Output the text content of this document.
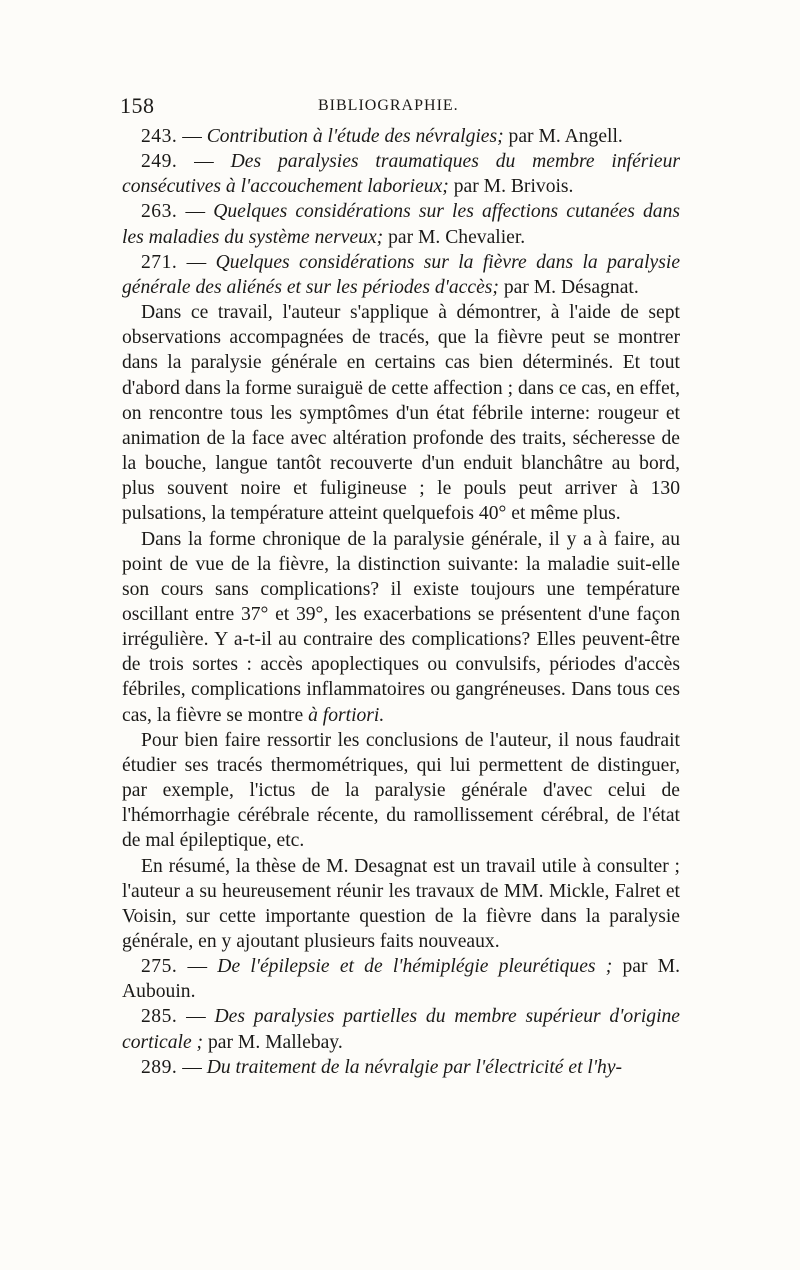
158	BIBLIOGRAPHIE.

243. — Contribution à l'étude des névralgies; par M. Angell.

249. — Des paralysies traumatiques du membre inférieur consécutives à l'accouchement laborieux; par M. Brivois.

263. — Quelques considérations sur les affections cutanées dans les maladies du système nerveux; par M. Chevalier.

271. — Quelques considérations sur la fièvre dans la paralysie générale des aliénés et sur les périodes d'accès; par M. Désagnat.

Dans ce travail, l'auteur s'applique à démontrer, à l'aide de sept observations accompagnées de tracés, que la fièvre peut se montrer dans la paralysie générale en certains cas bien déterminés. Et tout d'abord dans la forme suraiguë de cette affection ; dans ce cas, en effet, on rencontre tous les symptômes d'un état fébrile interne: rougeur et animation de la face avec altération profonde des traits, sécheresse de la bouche, langue tantôt recouverte d'un enduit blanchâtre au bord, plus souvent noire et fuligineuse ; le pouls peut arriver à 130 pulsations, la température atteint quelquefois 40° et même plus.

Dans la forme chronique de la paralysie générale, il y a à faire, au point de vue de la fièvre, la distinction suivante: la maladie suit-elle son cours sans complications? il existe toujours une température oscillant entre 37° et 39°, les exacerbations se présentent d'une façon irrégulière. Y a-t-il au contraire des complications? Elles peuvent-être de trois sortes : accès apoplectiques ou convulsifs, périodes d'accès fébriles, complications inflammatoires ou gangréneuses. Dans tous ces cas, la fièvre se montre à fortiori.

Pour bien faire ressortir les conclusions de l'auteur, il nous faudrait étudier ses tracés thermométriques, qui lui permettent de distinguer, par exemple, l'ictus de la paralysie générale d'avec celui de l'hémorrhagie cérébrale récente, du ramollissement cérébral, de l'état de mal épileptique, etc.

En résumé, la thèse de M. Desagnat est un travail utile à consulter ; l'auteur a su heureusement réunir les travaux de MM. Mickle, Falret et Voisin, sur cette importante question de la fièvre dans la paralysie générale, en y ajoutant plusieurs faits nouveaux.

275. — De l'épilepsie et de l'hémiplégie pleurétiques ; par M. Aubouin.

285. — Des paralysies partielles du membre supérieur d'origine corticale ; par M. Mallebay.

289. — Du traitement de la névralgie par l'électricité et l'hy-
